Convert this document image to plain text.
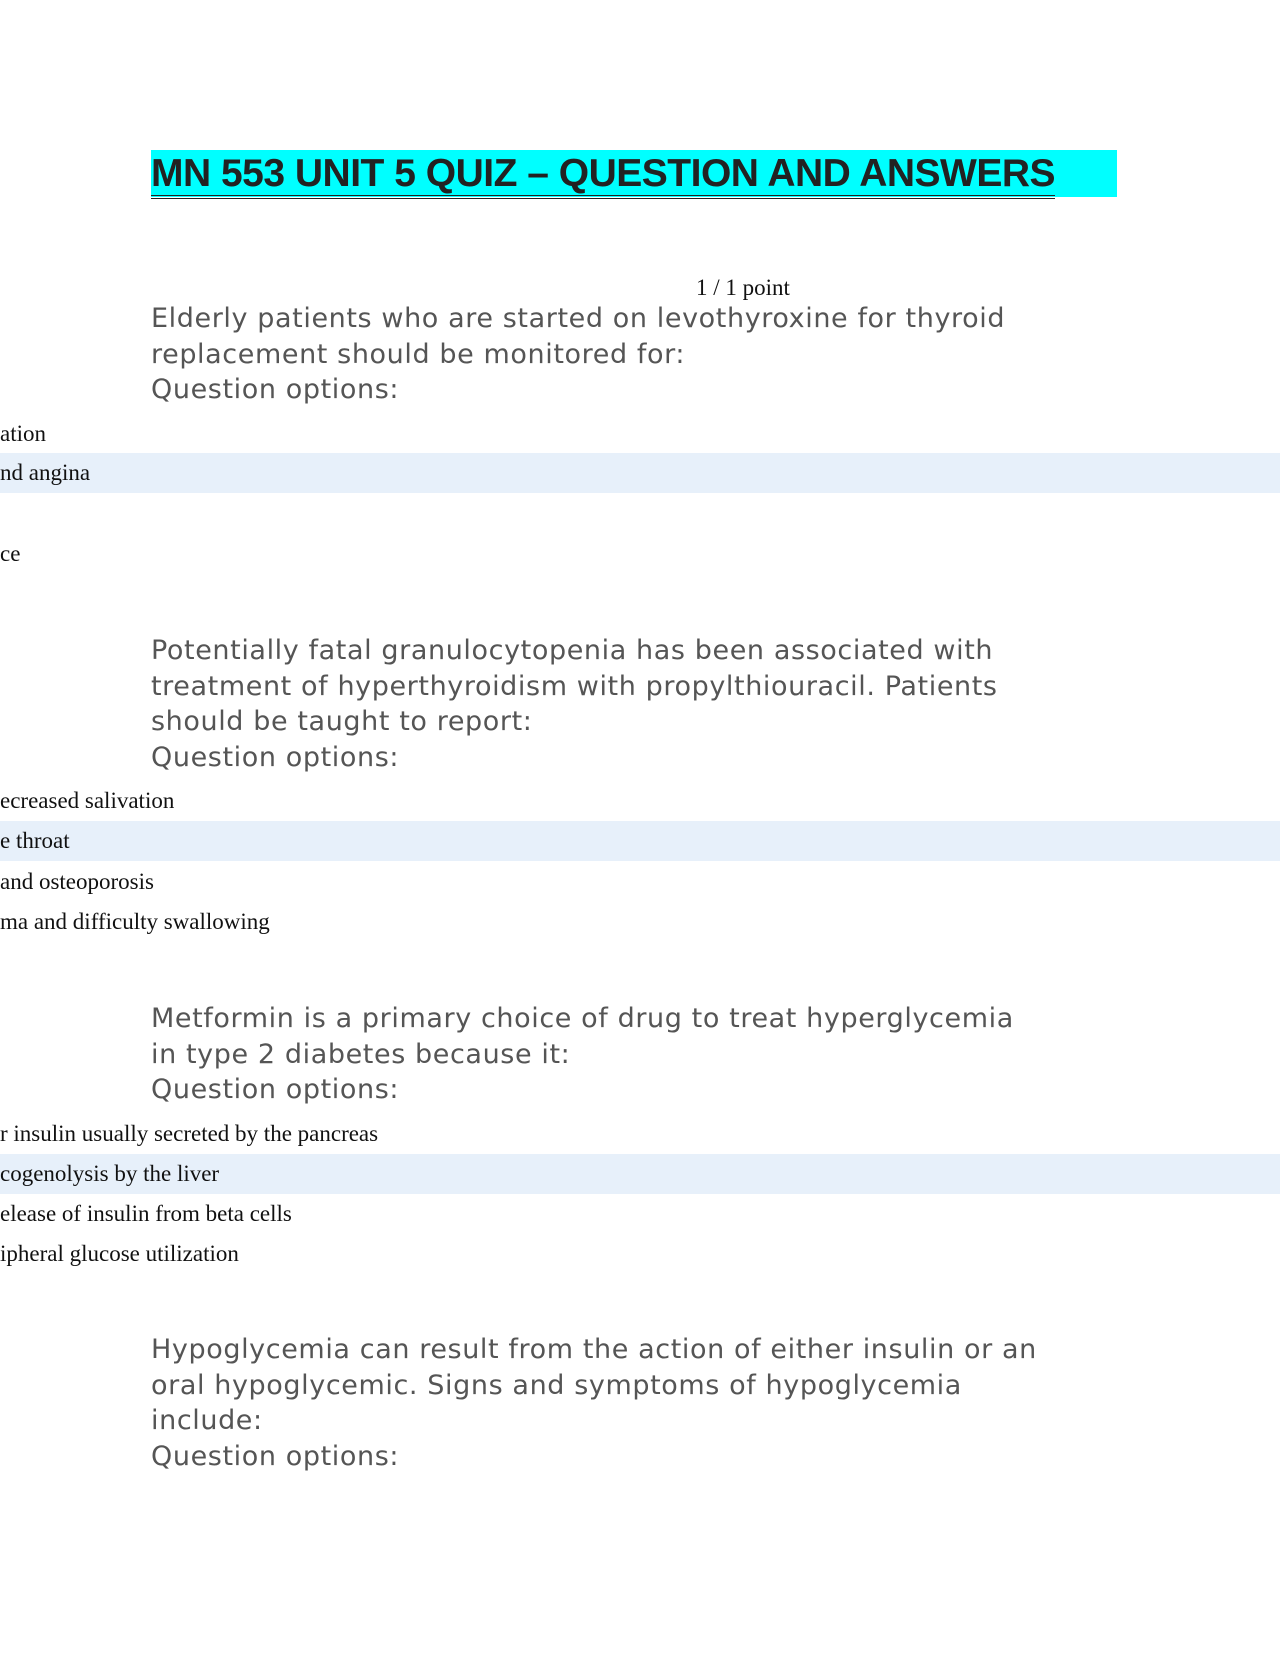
MN 553 UNIT 5 QUIZ – QUESTION AND ANSWERS
1 / 1 point
Elderly patients who are started on levothyroxine for thyroid
replacement should be monitored for:
Question options:
ation
nd angina
ce
Potentially fatal granulocytopenia has been associated with
treatment of hyperthyroidism with propylthiouracil. Patients
should be taught to report:
Question options:
ecreased salivation
e throat
and osteoporosis
ma and difficulty swallowing
Metformin is a primary choice of drug to treat hyperglycemia
in type 2 diabetes because it:
Question options:
r insulin usually secreted by the pancreas
cogenolysis by the liver
elease of insulin from beta cells
ipheral glucose utilization
Hypoglycemia can result from the action of either insulin or an
oral hypoglycemic. Signs and symptoms of hypoglycemia
include:
Question options:
